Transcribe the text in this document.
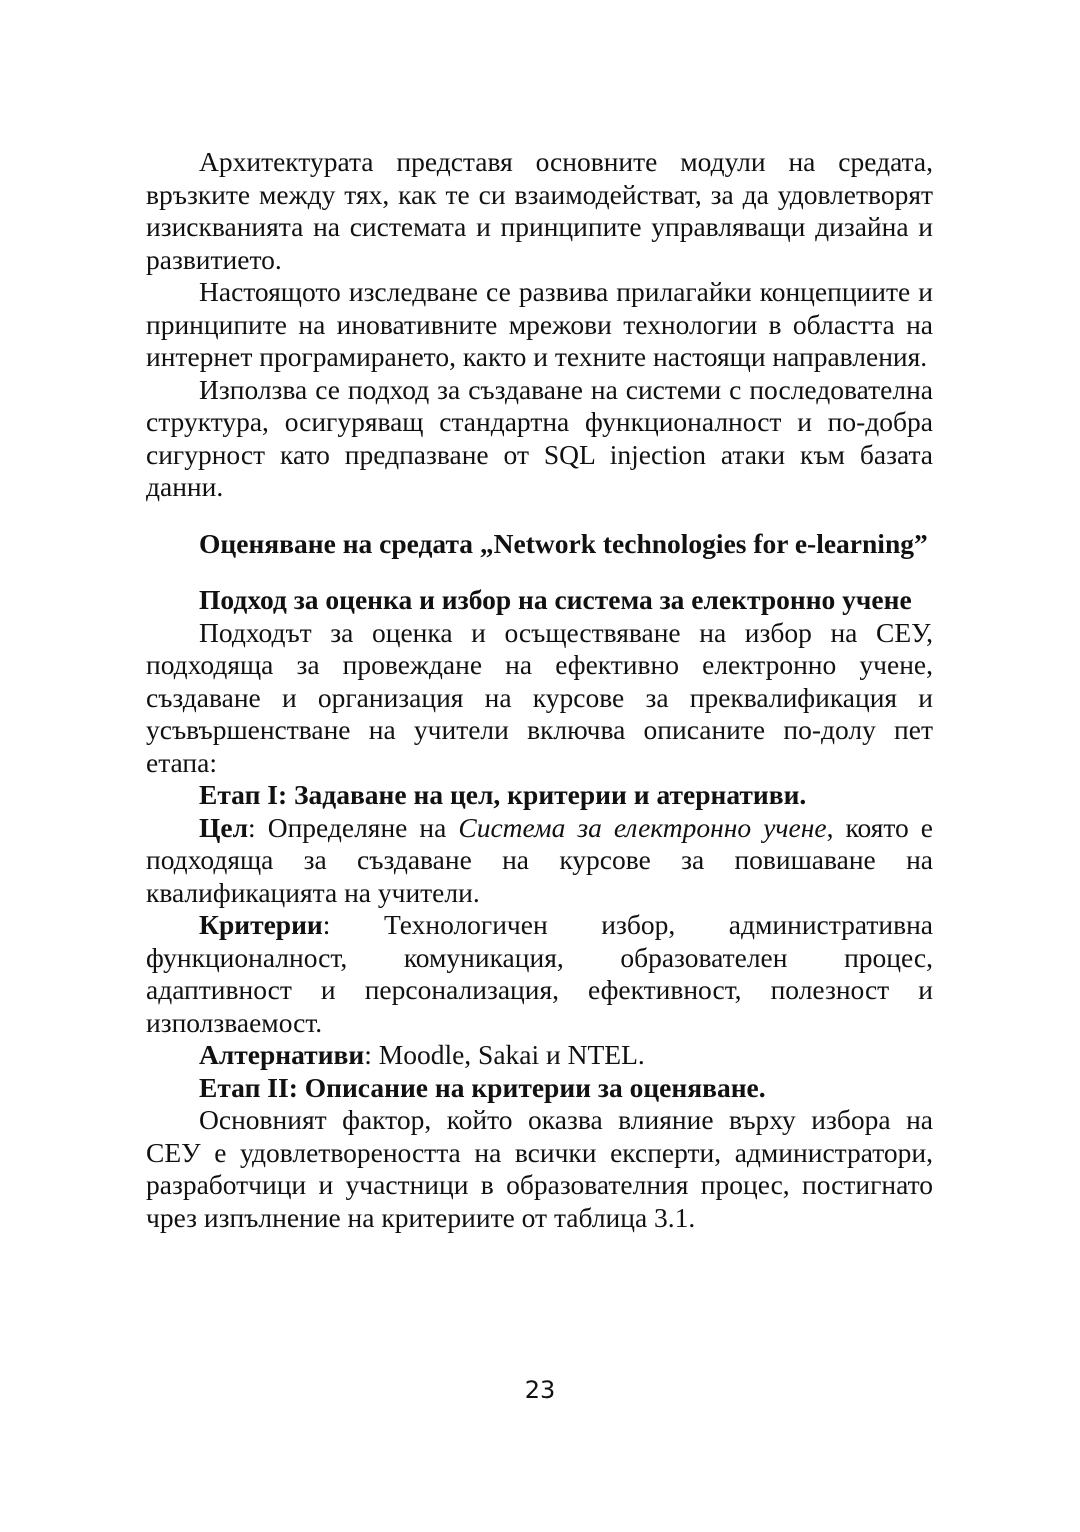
Архитектурата представя основните модули на средата, връзките между тях, как те си взаимодействат, за да удовлетворят изискванията на системата и принципите управляващи дизайна и развитието.

Настоящото изследване се развива прилагайки концепциите и принципите на иновативните мрежови технологии в областта на интернет програмирането, както и техните настоящи направления.

Използва се подход за създаване на системи с последователна структура, осигуряващ стандартна функционалност и по-добра сигурност като предпазване от SQL injection атаки към базата данни.

Оценяване на средата „Network technologies for e-learning”

Подход за оценка и избор на система за електронно учене

Подходът за оценка и осъществяване на избор на СЕУ, подходяща за провеждане на ефективно електронно учене, създаване и организация на курсове за преквалификация и усъвършенстване на учители включва описаните по-долу пет етапа:

Етап I: Задаване на цел, критерии и атернативи.

Цел: Определяне на Система за електронно учене, която е подходяща за създаване на курсове за повишаване на квалификацията на учители.

Критерии: Технологичен избор, административна функционалност, комуникация, образователен процес, адаптивност и персонализация, ефективност, полезност и използваемост.

Алтернативи: Moodle, Sakai и NTEL.

Етап II: Описание на критерии за оценяване.

Основният фактор, който оказва влияние върху избора на СЕУ е удовлетвореността на всички експерти, администратори, разработчици и участници в образователния процес, постигнато чрез изпълнение на критериите от таблица 3.1.

23
